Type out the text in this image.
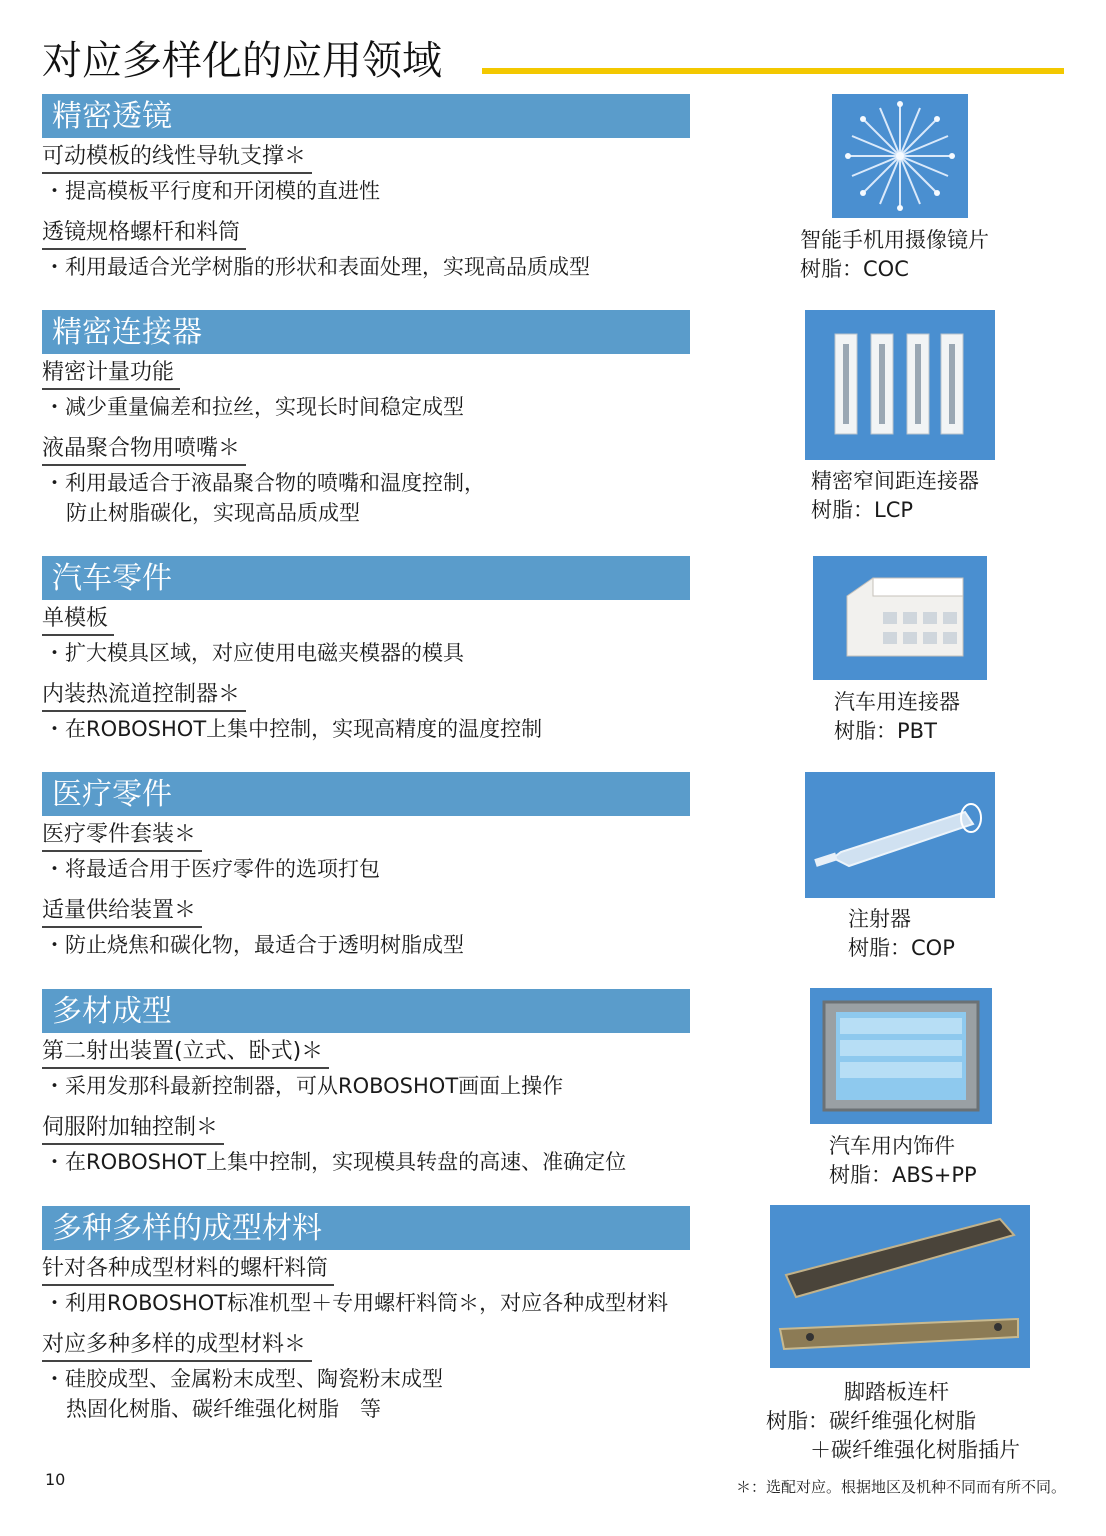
对应多样化的应用领域
精密透镜
可动模板的线性导轨支撑＊
・提高模板平行度和开闭模的直进性
透镜规格螺杆和料筒
・利用最适合光学树脂的形状和表面处理，实现高品质成型
精密连接器
精密计量功能
・减少重量偏差和拉丝，实现长时间稳定成型
液晶聚合物用喷嘴＊
・利用最适合于液晶聚合物的喷嘴和温度控制，
防止树脂碳化，实现高品质成型
汽车零件
单模板
・扩大模具区域，对应使用电磁夹模器的模具
内装热流道控制器＊
・在ROBOSHOT上集中控制，实现高精度的温度控制
医疗零件
医疗零件套装＊
・将最适合用于医疗零件的选项打包
适量供给装置＊
・防止烧焦和碳化物，最适合于透明树脂成型
多材成型
第二射出装置(立式、卧式)＊
・采用发那科最新控制器，可从ROBOSHOT画面上操作
伺服附加轴控制＊
・在ROBOSHOT上集中控制，实现模具转盘的高速、准确定位
多种多样的成型材料
针对各种成型材料的螺杆料筒
・利用ROBOSHOT标准机型＋专用螺杆料筒＊，对应各种成型材料
对应多种多样的成型材料＊
・硅胶成型、金属粉末成型、陶瓷粉末成型
热固化树脂、碳纤维强化树脂　等
智能手机用摄像镜片
树脂：COC
精密窄间距连接器
树脂：LCP
汽车用连接器
树脂：PBT
注射器
树脂：COP
汽车用内饰件
树脂：ABS+PP
脚踏板连杆
树脂：碳纤维强化树脂
＋碳纤维强化树脂插片
10	＊：选配对应。根据地区及机种不同而有所不同。
